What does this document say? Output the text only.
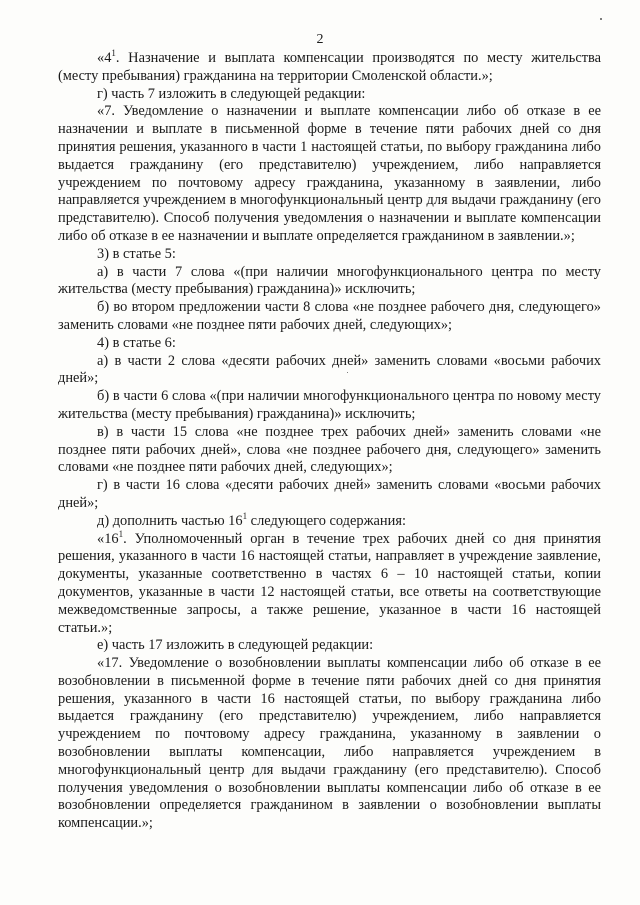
2

«$4^1$. Назначение и выплата компенсации производятся по месту жительства (месту пребывания) гражданина на территории Смоленской области.»;

г) часть 7 изложить в следующей редакции:

«7. Уведомление о назначении и выплате компенсации либо об отказе в ее назначении и выплате в письменной форме в течение пяти рабочих дней со дня принятия решения, указанного в части 1 настоящей статьи, по выбору гражданина либо выдается гражданину (его представителю) учреждением, либо направляется учреждением по почтовому адресу гражданина, указанному в заявлении, либо направляется учреждением в многофункциональный центр для выдачи гражданину (его представителю). Способ получения уведомления о назначении и выплате компенсации либо об отказе в ее назначении и выплате определяется гражданином в заявлении.»;

3) в статье 5:

а) в части 7 слова «(при наличии многофункционального центра по месту жительства (месту пребывания) гражданина)» исключить;

б) во втором предложении части 8 слова «не позднее рабочего дня, следующего» заменить словами «не позднее пяти рабочих дней, следующих»;

4) в статье 6:

а) в части 2 слова «десяти рабочих дней» заменить словами «восьми рабочих дней»;

б) в части 6 слова «(при наличии многофункционального центра по новому месту жительства (месту пребывания) гражданина)» исключить;

в) в части 15 слова «не позднее трех рабочих дней» заменить словами «не позднее пяти рабочих дней», слова «не позднее рабочего дня, следующего» заменить словами «не позднее пяти рабочих дней, следующих»;

г) в части 16 слова «десяти рабочих дней» заменить словами «восьми рабочих дней»;

д) дополнить частью $16^1$ следующего содержания:

«$16^1$. Уполномоченный орган в течение трех рабочих дней со дня принятия решения, указанного в части 16 настоящей статьи, направляет в учреждение заявление, документы, указанные соответственно в частях 6 – 10 настоящей статьи, копии документов, указанные в части 12 настоящей статьи, все ответы на соответствующие межведомственные запросы, а также решение, указанное в части 16 настоящей статьи.»;

е) часть 17 изложить в следующей редакции:

«17. Уведомление о возобновлении выплаты компенсации либо об отказе в ее возобновлении в письменной форме в течение пяти рабочих дней со дня принятия решения, указанного в части 16 настоящей статьи, по выбору гражданина либо выдается гражданину (его представителю) учреждением, либо направляется учреждением по почтовому адресу гражданина, указанному в заявлении о возобновлении выплаты компенсации, либо направляется учреждением в многофункциональный центр для выдачи гражданину (его представителю). Способ получения уведомления о возобновлении выплаты компенсации либо об отказе в ее возобновлении определяется гражданином в заявлении о возобновлении выплаты компенсации.»;
